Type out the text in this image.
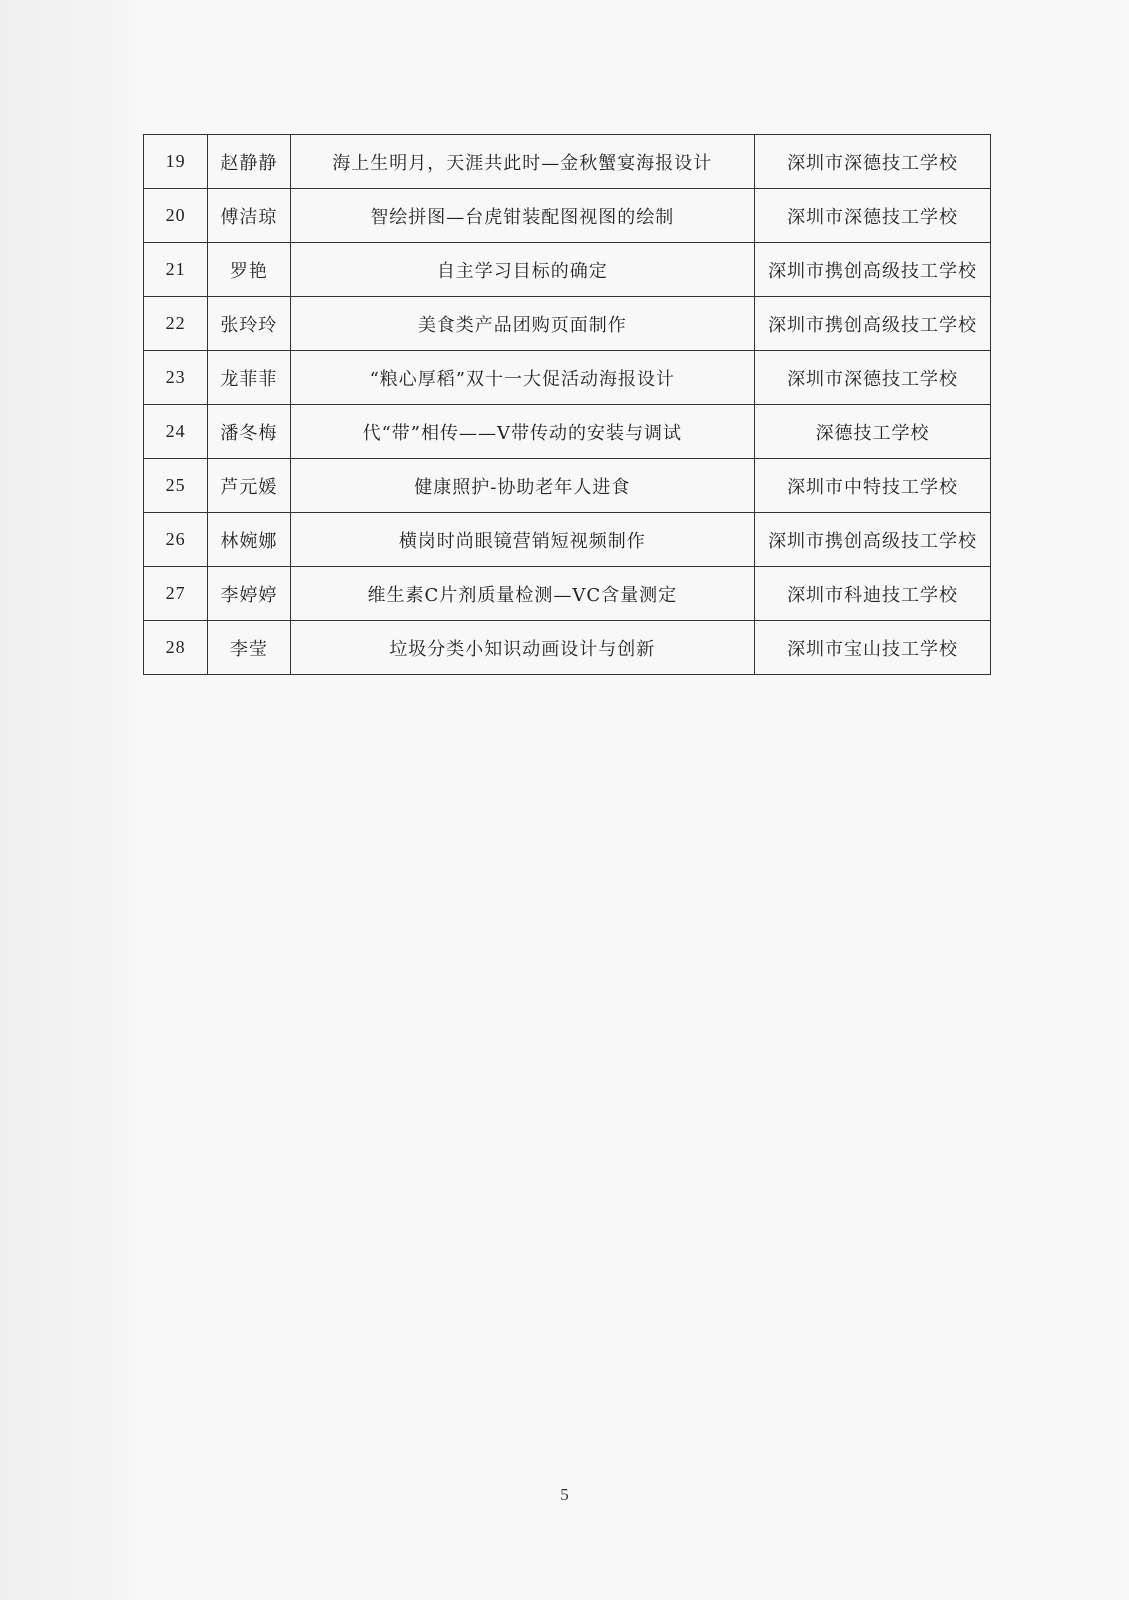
19	赵静静	海上生明月，天涯共此时—金秋蟹宴海报设计	深圳市深德技工学校
20	傅洁琼	智绘拼图—台虎钳装配图视图的绘制	深圳市深德技工学校
21	罗艳	自主学习目标的确定	深圳市携创高级技工学校
22	张玲玲	美食类产品团购页面制作	深圳市携创高级技工学校
23	龙菲菲	“粮心厚稻”双十一大促活动海报设计	深圳市深德技工学校
24	潘冬梅	代“带”相传——V带传动的安装与调试	深德技工学校
25	芦元媛	健康照护-协助老年人进食	深圳市中特技工学校
26	林婉娜	横岗时尚眼镜营销短视频制作	深圳市携创高级技工学校
27	李婷婷	维生素C片剂质量检测—VC含量测定	深圳市科迪技工学校
28	李莹	垃圾分类小知识动画设计与创新	深圳市宝山技工学校
5
